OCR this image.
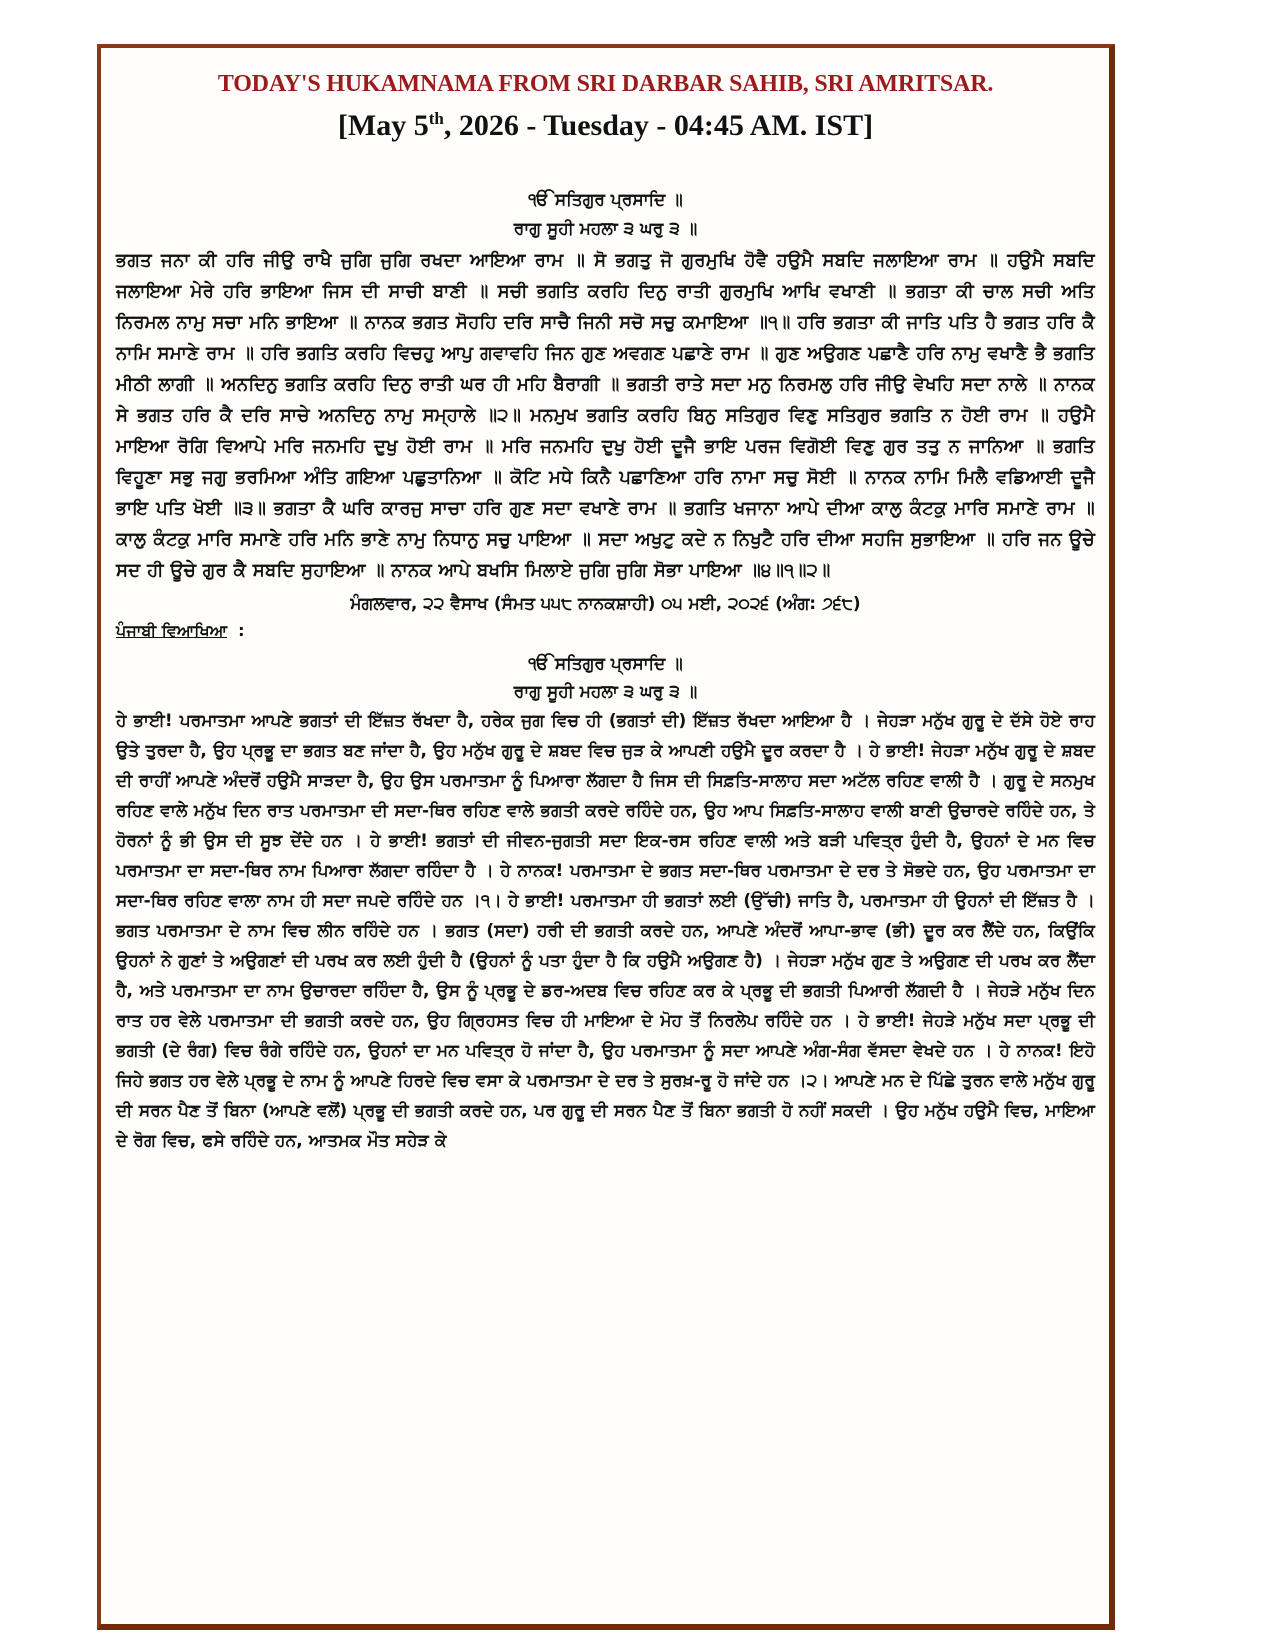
TODAY'S HUKAMNAMA FROM SRI DARBAR SAHIB, SRI AMRITSAR.
[May 5th, 2026 - Tuesday - 04:45 AM. IST]

ੴ ਸਤਿਗੁਰ ਪ੍ਰਸਾਦਿ ॥

ਰਾਗੁ ਸੂਹੀ ਮਹਲਾ ੩ ਘਰੁ ੩ ॥

ਭਗਤ ਜਨਾ ਕੀ ਹਰਿ ਜੀਉ ਰਾਖੈ ਜੁਗਿ ਜੁਗਿ ਰਖਦਾ ਆਇਆ ਰਾਮ ॥ ਸੋ ਭਗਤੁ ਜੋ ਗੁਰਮੁਖਿ ਹੋਵੈ ਹਉਮੈ ਸਬਦਿ ਜਲਾਇਆ ਰਾਮ ॥ ਹਉਮੈ ਸਬਦਿ ਜਲਾਇਆ ਮੇਰੇ ਹਰਿ ਭਾਇਆ ਜਿਸ ਦੀ ਸਾਚੀ ਬਾਣੀ ॥ ਸਚੀ ਭਗਤਿ ਕਰਹਿ ਦਿਨੁ ਰਾਤੀ ਗੁਰਮੁਖਿ ਆਖਿ ਵਖਾਣੀ ॥ ਭਗਤਾ ਕੀ ਚਾਲ ਸਚੀ ਅਤਿ ਨਿਰਮਲ ਨਾਮੁ ਸਚਾ ਮਨਿ ਭਾਇਆ ॥ ਨਾਨਕ ਭਗਤ ਸੋਹਹਿ ਦਰਿ ਸਾਚੈ ਜਿਨੀ ਸਚੋ ਸਚੁ ਕਮਾਇਆ ॥੧॥ ਹਰਿ ਭਗਤਾ ਕੀ ਜਾਤਿ ਪਤਿ ਹੈ ਭਗਤ ਹਰਿ ਕੈ ਨਾਮਿ ਸਮਾਣੇ ਰਾਮ ॥ ਹਰਿ ਭਗਤਿ ਕਰਹਿ ਵਿਚਹੁ ਆਪੁ ਗਵਾਵਹਿ ਜਿਨ ਗੁਣ ਅਵਗਣ ਪਛਾਣੇ ਰਾਮ ॥ ਗੁਣ ਅਉਗਣ ਪਛਾਣੈ ਹਰਿ ਨਾਮੁ ਵਖਾਣੈ ਭੈ ਭਗਤਿ ਮੀਠੀ ਲਾਗੀ ॥ ਅਨਦਿਨੁ ਭਗਤਿ ਕਰਹਿ ਦਿਨੁ ਰਾਤੀ ਘਰ ਹੀ ਮਹਿ ਬੈਰਾਗੀ ॥ ਭਗਤੀ ਰਾਤੇ ਸਦਾ ਮਨੁ ਨਿਰਮਲੁ ਹਰਿ ਜੀਉ ਵੇਖਹਿ ਸਦਾ ਨਾਲੇ ॥ ਨਾਨਕ ਸੇ ਭਗਤ ਹਰਿ ਕੈ ਦਰਿ ਸਾਚੇ ਅਨਦਿਨੁ ਨਾਮੁ ਸਮ੍ਹਾਲੇ ॥੨॥ ਮਨਮੁਖ ਭਗਤਿ ਕਰਹਿ ਬਿਨੁ ਸਤਿਗੁਰ ਵਿਣੁ ਸਤਿਗੁਰ ਭਗਤਿ ਨ ਹੋਈ ਰਾਮ ॥ ਹਉਮੈ ਮਾਇਆ ਰੋਗਿ ਵਿਆਪੇ ਮਰਿ ਜਨਮਹਿ ਦੁਖੁ ਹੋਈ ਰਾਮ ॥ ਮਰਿ ਜਨਮਹਿ ਦੁਖੁ ਹੋਈ ਦੂਜੈ ਭਾਇ ਪਰਜ ਵਿਗੋਈ ਵਿਣੁ ਗੁਰ ਤਤੁ ਨ ਜਾਨਿਆ ॥ ਭਗਤਿ ਵਿਹੂਣਾ ਸਭੁ ਜਗੁ ਭਰਮਿਆ ਅੰਤਿ ਗਇਆ ਪਛੁਤਾਨਿਆ ॥ ਕੋਟਿ ਮਧੇ ਕਿਨੈ ਪਛਾਣਿਆ ਹਰਿ ਨਾਮਾ ਸਚੁ ਸੋਈ ॥ ਨਾਨਕ ਨਾਮਿ ਮਿਲੈ ਵਡਿਆਈ ਦੂਜੈ ਭਾਇ ਪਤਿ ਖੋਈ ॥੩॥ ਭਗਤਾ ਕੈ ਘਰਿ ਕਾਰਜੁ ਸਾਚਾ ਹਰਿ ਗੁਣ ਸਦਾ ਵਖਾਣੇ ਰਾਮ ॥ ਭਗਤਿ ਖਜਾਨਾ ਆਪੇ ਦੀਆ ਕਾਲੁ ਕੰਟਕੁ ਮਾਰਿ ਸਮਾਣੇ ਰਾਮ ॥ ਕਾਲੁ ਕੰਟਕੁ ਮਾਰਿ ਸਮਾਣੇ ਹਰਿ ਮਨਿ ਭਾਣੇ ਨਾਮੁ ਨਿਧਾਨੁ ਸਚੁ ਪਾਇਆ ॥ ਸਦਾ ਅਖੁਟੁ ਕਦੇ ਨ ਨਿਖੁਟੈ ਹਰਿ ਦੀਆ ਸਹਜਿ ਸੁਭਾਇਆ ॥ ਹਰਿ ਜਨ ਊਚੇ ਸਦ ਹੀ ਊਚੇ ਗੁਰ ਕੈ ਸਬਦਿ ਸੁਹਾਇਆ ॥ ਨਾਨਕ ਆਪੇ ਬਖਸਿ ਮਿਲਾਏ ਜੁਗਿ ਜੁਗਿ ਸੋਭਾ ਪਾਇਆ ॥੪॥੧॥੨॥

ਮੰਗਲਵਾਰ, ੨੨ ਵੈਸਾਖ (ਸੰਮਤ ੫੫੮ ਨਾਨਕਸ਼ਾਹੀ) ੦੫ ਮਈ, ੨੦੨੬ (ਅੰਗ: ੭੬੮)

ਪੰਜਾਬੀ ਵਿਆਖਿਆ :

ੴ ਸਤਿਗੁਰ ਪ੍ਰਸਾਦਿ ॥

ਰਾਗੁ ਸੂਹੀ ਮਹਲਾ ੩ ਘਰੁ ੩ ॥

ਹੇ ਭਾਈ! ਪਰਮਾਤਮਾ ਆਪਣੇ ਭਗਤਾਂ ਦੀ ਇੱਜ਼ਤ ਰੱਖਦਾ ਹੈ, ਹਰੇਕ ਜੁਗ ਵਿਚ ਹੀ (ਭਗਤਾਂ ਦੀ) ਇੱਜ਼ਤ ਰੱਖਦਾ ਆਇਆ ਹੈ । ਜੇਹੜਾ ਮਨੁੱਖ ਗੁਰੂ ਦੇ ਦੱਸੇ ਹੋਏ ਰਾਹ ਉਤੇ ਤੁਰਦਾ ਹੈ, ਉਹ ਪ੍ਰਭੂ ਦਾ ਭਗਤ ਬਣ ਜਾਂਦਾ ਹੈ, ਉਹ ਮਨੁੱਖ ਗੁਰੂ ਦੇ ਸ਼ਬਦ ਵਿਚ ਜੁੜ ਕੇ ਆਪਣੀ ਹਉਮੈ ਦੂਰ ਕਰਦਾ ਹੈ । ਹੇ ਭਾਈ! ਜੇਹੜਾ ਮਨੁੱਖ ਗੁਰੂ ਦੇ ਸ਼ਬਦ ਦੀ ਰਾਹੀਂ ਆਪਣੇ ਅੰਦਰੋਂ ਹਉਮੈ ਸਾੜਦਾ ਹੈ, ਉਹ ਉਸ ਪਰਮਾਤਮਾ ਨੂੰ ਪਿਆਰਾ ਲੱਗਦਾ ਹੈ ਜਿਸ ਦੀ ਸਿਫ਼ਤਿ-ਸਾਲਾਹ ਸਦਾ ਅਟੱਲ ਰਹਿਣ ਵਾਲੀ ਹੈ । ਗੁਰੂ ਦੇ ਸਨਮੁਖ ਰਹਿਣ ਵਾਲੇ ਮਨੁੱਖ ਦਿਨ ਰਾਤ ਪਰਮਾਤਮਾ ਦੀ ਸਦਾ-ਥਿਰ ਰਹਿਣ ਵਾਲੇ ਭਗਤੀ ਕਰਦੇ ਰਹਿੰਦੇ ਹਨ, ਉਹ ਆਪ ਸਿਫ਼ਤਿ-ਸਾਲਾਹ ਵਾਲੀ ਬਾਣੀ ਉਚਾਰਦੇ ਰਹਿੰਦੇ ਹਨ, ਤੇ ਹੋਰਨਾਂ ਨੂੰ ਭੀ ਉਸ ਦੀ ਸੂਝ ਦੇਂਦੇ ਹਨ । ਹੇ ਭਾਈ! ਭਗਤਾਂ ਦੀ ਜੀਵਨ-ਜੁਗਤੀ ਸਦਾ ਇਕ-ਰਸ ਰਹਿਣ ਵਾਲੀ ਅਤੇ ਬੜੀ ਪਵਿਤ੍ਰ ਹੁੰਦੀ ਹੈ, ਉਹਨਾਂ ਦੇ ਮਨ ਵਿਚ ਪਰਮਾਤਮਾ ਦਾ ਸਦਾ-ਥਿਰ ਨਾਮ ਪਿਆਰਾ ਲੱਗਦਾ ਰਹਿੰਦਾ ਹੈ । ਹੇ ਨਾਨਕ! ਪਰਮਾਤਮਾ ਦੇ ਭਗਤ ਸਦਾ-ਥਿਰ ਪਰਮਾਤਮਾ ਦੇ ਦਰ ਤੇ ਸੋਭਦੇ ਹਨ, ਉਹ ਪਰਮਾਤਮਾ ਦਾ ਸਦਾ-ਥਿਰ ਰਹਿਣ ਵਾਲਾ ਨਾਮ ਹੀ ਸਦਾ ਜਪਦੇ ਰਹਿੰਦੇ ਹਨ ।੧। ਹੇ ਭਾਈ! ਪਰਮਾਤਮਾ ਹੀ ਭਗਤਾਂ ਲਈ (ਉੱਚੀ) ਜਾਤਿ ਹੈ, ਪਰਮਾਤਮਾ ਹੀ ਉਹਨਾਂ ਦੀ ਇੱਜ਼ਤ ਹੈ । ਭਗਤ ਪਰਮਾਤਮਾ ਦੇ ਨਾਮ ਵਿਚ ਲੀਨ ਰਹਿੰਦੇ ਹਨ । ਭਗਤ (ਸਦਾ) ਹਰੀ ਦੀ ਭਗਤੀ ਕਰਦੇ ਹਨ, ਆਪਣੇ ਅੰਦਰੋਂ ਆਪਾ-ਭਾਵ (ਭੀ) ਦੂਰ ਕਰ ਲੈਂਦੇ ਹਨ, ਕਿਉਂਕਿ ਉਹਨਾਂ ਨੇ ਗੁਣਾਂ ਤੇ ਅਉਗਣਾਂ ਦੀ ਪਰਖ ਕਰ ਲਈ ਹੁੰਦੀ ਹੈ (ਉਹਨਾਂ ਨੂੰ ਪਤਾ ਹੁੰਦਾ ਹੈ ਕਿ ਹਉਮੈ ਅਉਗਣ ਹੈ) । ਜੇਹੜਾ ਮਨੁੱਖ ਗੁਣ ਤੇ ਅਉਗਣ ਦੀ ਪਰਖ ਕਰ ਲੈਂਦਾ ਹੈ, ਅਤੇ ਪਰਮਾਤਮਾ ਦਾ ਨਾਮ ਉਚਾਰਦਾ ਰਹਿੰਦਾ ਹੈ, ਉਸ ਨੂੰ ਪ੍ਰਭੂ ਦੇ ਡਰ-ਅਦਬ ਵਿਚ ਰਹਿਣ ਕਰ ਕੇ ਪ੍ਰਭੂ ਦੀ ਭਗਤੀ ਪਿਆਰੀ ਲੱਗਦੀ ਹੈ । ਜੇਹੜੇ ਮਨੁੱਖ ਦਿਨ ਰਾਤ ਹਰ ਵੇਲੇ ਪਰਮਾਤਮਾ ਦੀ ਭਗਤੀ ਕਰਦੇ ਹਨ, ਉਹ ਗ੍ਰਿਹਸਤ ਵਿਚ ਹੀ ਮਾਇਆ ਦੇ ਮੋਹ ਤੋਂ ਨਿਰਲੇਪ ਰਹਿੰਦੇ ਹਨ । ਹੇ ਭਾਈ! ਜੇਹੜੇ ਮਨੁੱਖ ਸਦਾ ਪ੍ਰਭੂ ਦੀ ਭਗਤੀ (ਦੇ ਰੰਗ) ਵਿਚ ਰੰਗੇ ਰਹਿੰਦੇ ਹਨ, ਉਹਨਾਂ ਦਾ ਮਨ ਪਵਿਤ੍ਰ ਹੋ ਜਾਂਦਾ ਹੈ, ਉਹ ਪਰਮਾਤਮਾ ਨੂੰ ਸਦਾ ਆਪਣੇ ਅੰਗ-ਸੰਗ ਵੱਸਦਾ ਵੇਖਦੇ ਹਨ । ਹੇ ਨਾਨਕ! ਇਹੋ ਜਿਹੇ ਭਗਤ ਹਰ ਵੇਲੇ ਪ੍ਰਭੂ ਦੇ ਨਾਮ ਨੂੰ ਆਪਣੇ ਹਿਰਦੇ ਵਿਚ ਵਸਾ ਕੇ ਪਰਮਾਤਮਾ ਦੇ ਦਰ ਤੇ ਸੁਰਖ਼-ਰੂ ਹੋ ਜਾਂਦੇ ਹਨ ।੨। ਆਪਣੇ ਮਨ ਦੇ ਪਿੱਛੇ ਤੁਰਨ ਵਾਲੇ ਮਨੁੱਖ ਗੁਰੂ ਦੀ ਸਰਨ ਪੈਣ ਤੋਂ ਬਿਨਾ (ਆਪਣੇ ਵਲੋਂ) ਪ੍ਰਭੂ ਦੀ ਭਗਤੀ ਕਰਦੇ ਹਨ, ਪਰ ਗੁਰੂ ਦੀ ਸਰਨ ਪੈਣ ਤੋਂ ਬਿਨਾ ਭਗਤੀ ਹੋ ਨਹੀਂ ਸਕਦੀ । ਉਹ ਮਨੁੱਖ ਹਉਮੈ ਵਿਚ, ਮਾਇਆ ਦੇ ਰੋਗ ਵਿਚ, ਫਸੇ ਰਹਿੰਦੇ ਹਨ, ਆਤਮਕ ਮੌਤ ਸਹੇੜ ਕੇ
